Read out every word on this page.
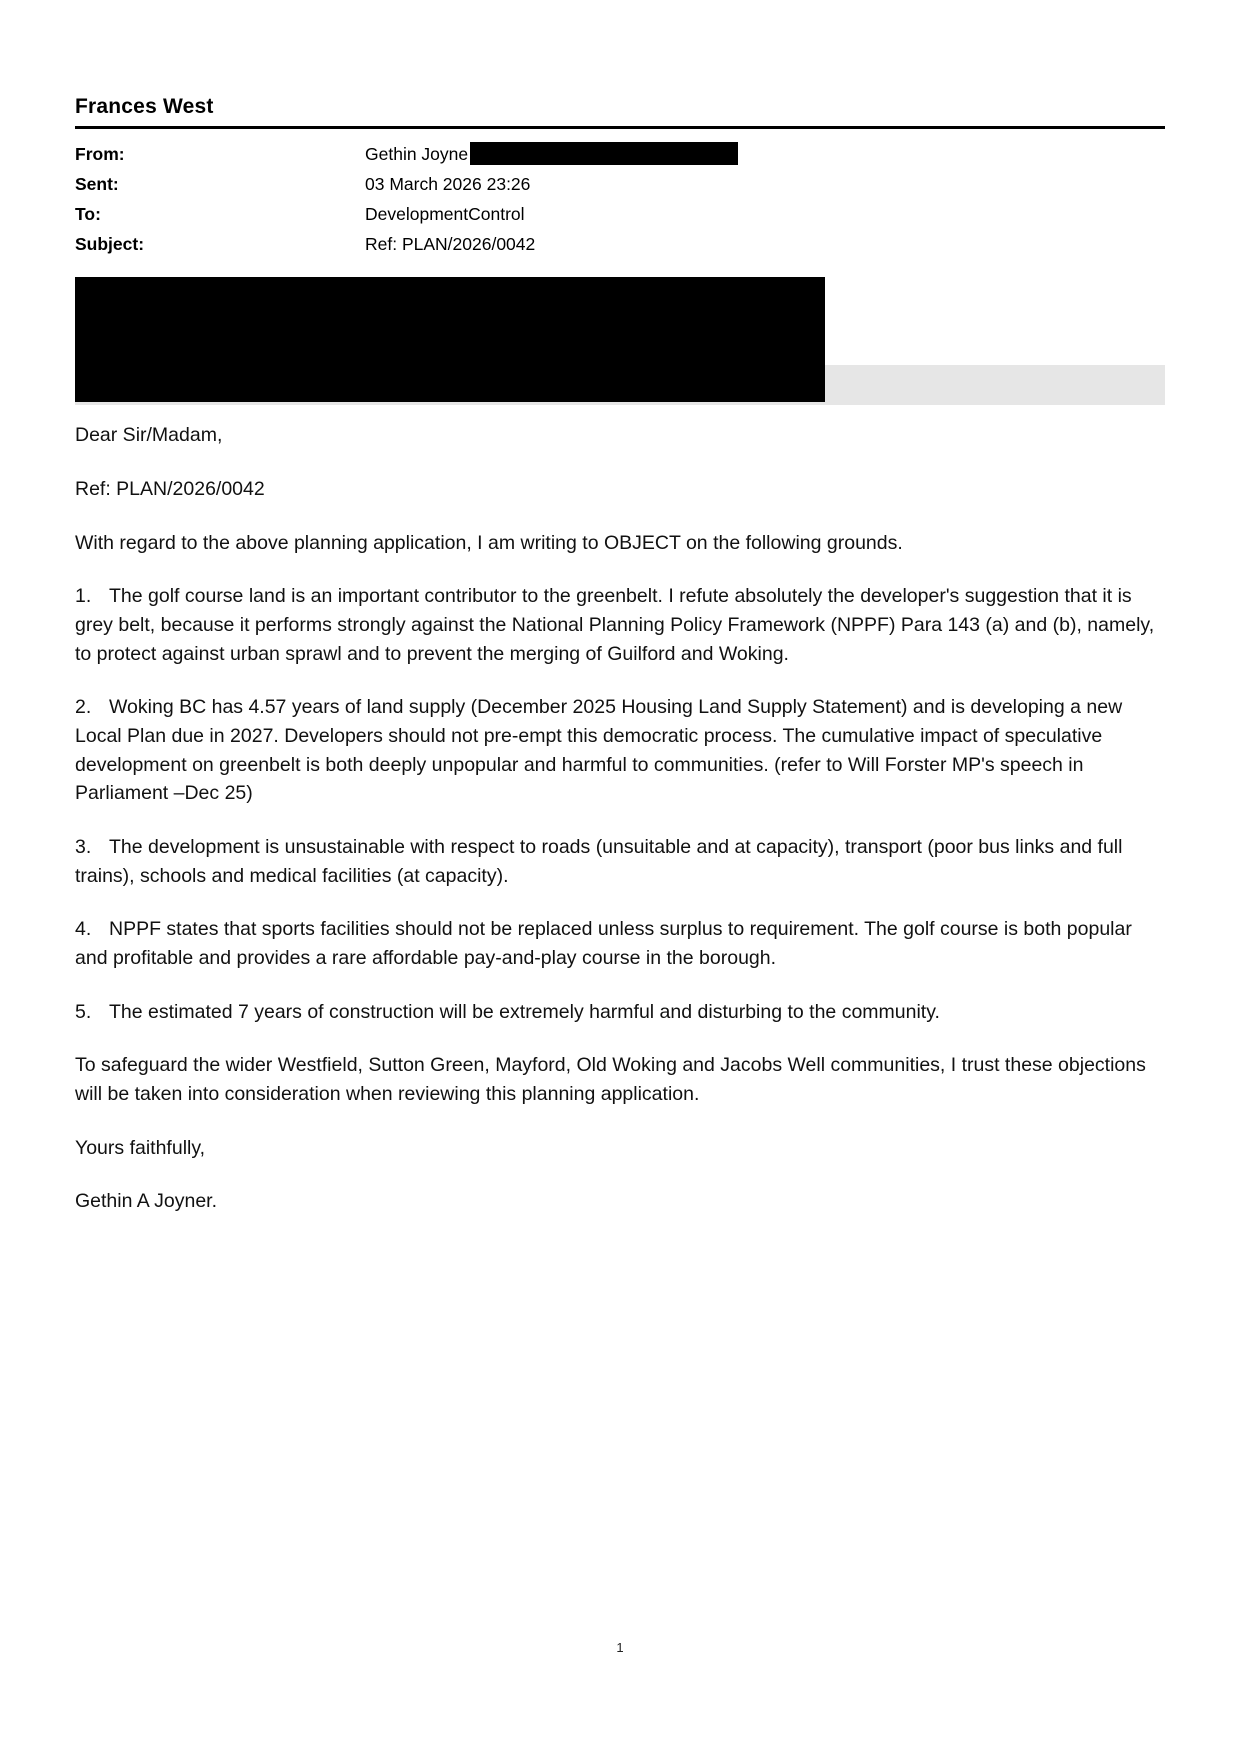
Frances West
From:	Gethin Joyne
Sent:	03 March 2026 23:26
To:	DevelopmentControl
Subject:	Ref: PLAN/2026/0042

Dear Sir/Madam,

Ref: PLAN/2026/0042

With regard to the above planning application, I am writing to OBJECT on the following grounds.

1. The golf course land is an important contributor to the greenbelt. I refute absolutely the developer's suggestion that it is grey belt, because it performs strongly against the National Planning Policy Framework (NPPF) Para 143 (a) and (b), namely, to protect against urban sprawl and to prevent the merging of Guilford and Woking.

2. Woking BC has 4.57 years of land supply (December 2025 Housing Land Supply Statement) and is developing a new Local Plan due in 2027. Developers should not pre-empt this democratic process. The cumulative impact of speculative development on greenbelt is both deeply unpopular and harmful to communities. (refer to Will Forster MP's speech in Parliament –Dec 25)

3. The development is unsustainable with respect to roads (unsuitable and at capacity), transport (poor bus links and full trains), schools and medical facilities (at capacity).

4. NPPF states that sports facilities should not be replaced unless surplus to requirement. The golf course is both popular and profitable and provides a rare affordable pay-and-play course in the borough.

5. The estimated 7 years of construction will be extremely harmful and disturbing to the community.

To safeguard the wider Westfield, Sutton Green, Mayford, Old Woking and Jacobs Well communities, I trust these objections will be taken into consideration when reviewing this planning application.

Yours faithfully,

Gethin A Joyner.

1
